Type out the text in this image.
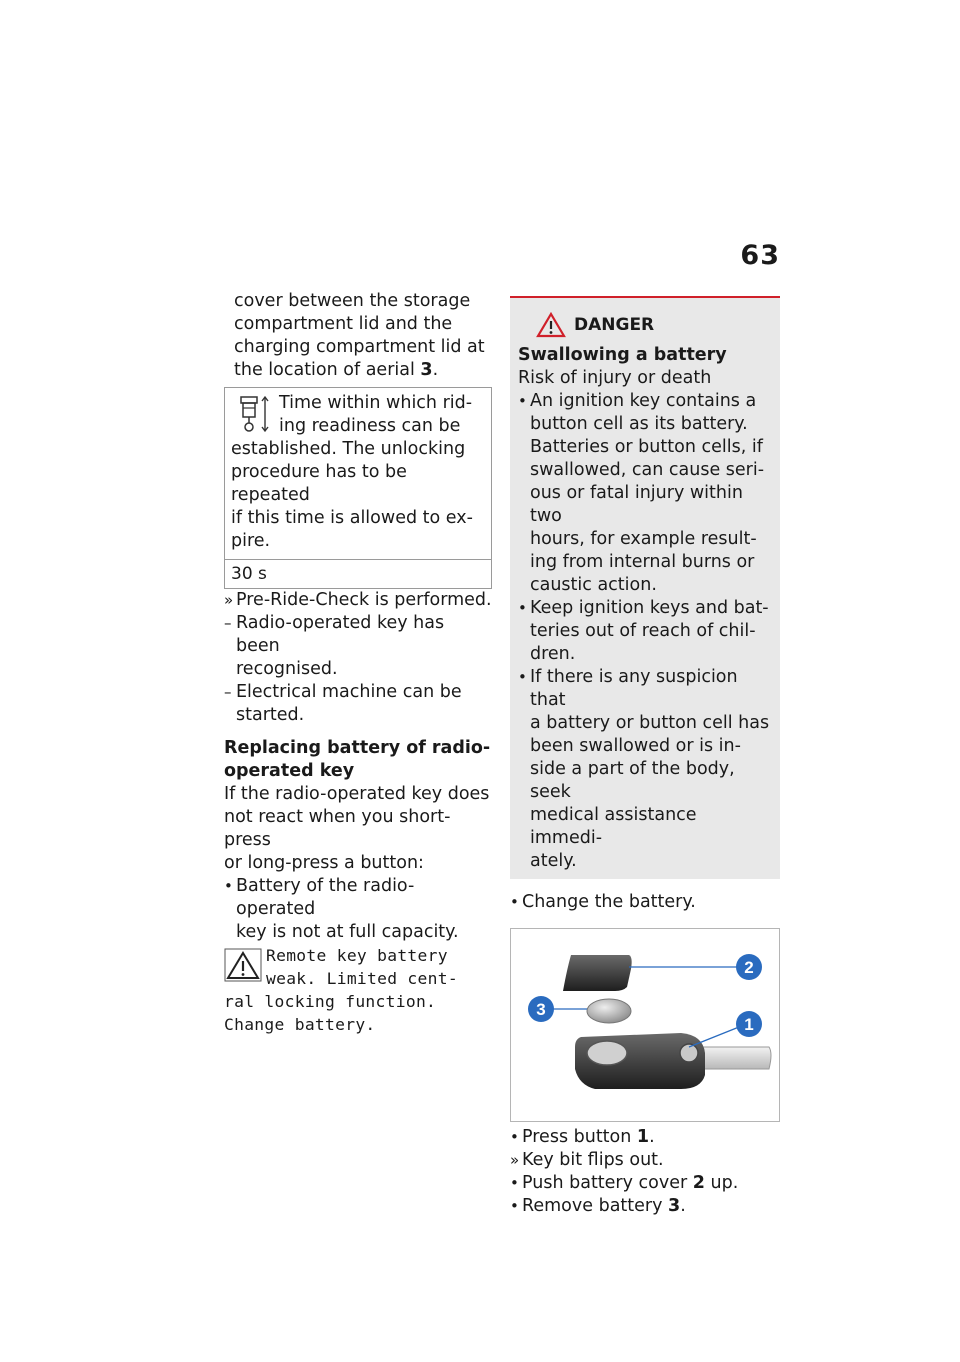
63
cover between the storage
compartment lid and the
charging compartment lid at
the location of aerial 3.
Time within which rid-
ing readiness can be
established. The unlocking
procedure has to be repeated
if this time is allowed to ex-
pire.
30 s
» Pre-Ride-Check is performed.
– Radio-operated key has been
recognised.
– Electrical machine can be
started.
Replacing battery of radio-
operated key
If the radio-operated key does
not react when you short-press
or long-press a button:
• Battery of the radio-operated
key is not at full capacity.
Remote key battery
weak. Limited cent-
ral locking function.
Change battery.
DANGER
Swallowing a battery
Risk of injury or death
• An ignition key contains a
button cell as its battery.
Batteries or button cells, if
swallowed, can cause seri-
ous or fatal injury within two
hours, for example result-
ing from internal burns or
caustic action.
• Keep ignition keys and bat-
teries out of reach of chil-
dren.
• If there is any suspicion that
a battery or button cell has
been swallowed or is in-
side a part of the body, seek
medical assistance immedi-
ately.
• Change the battery.
2
3
1
• Press button 1.
» Key bit flips out.
• Push battery cover 2 up.
• Remove battery 3.
